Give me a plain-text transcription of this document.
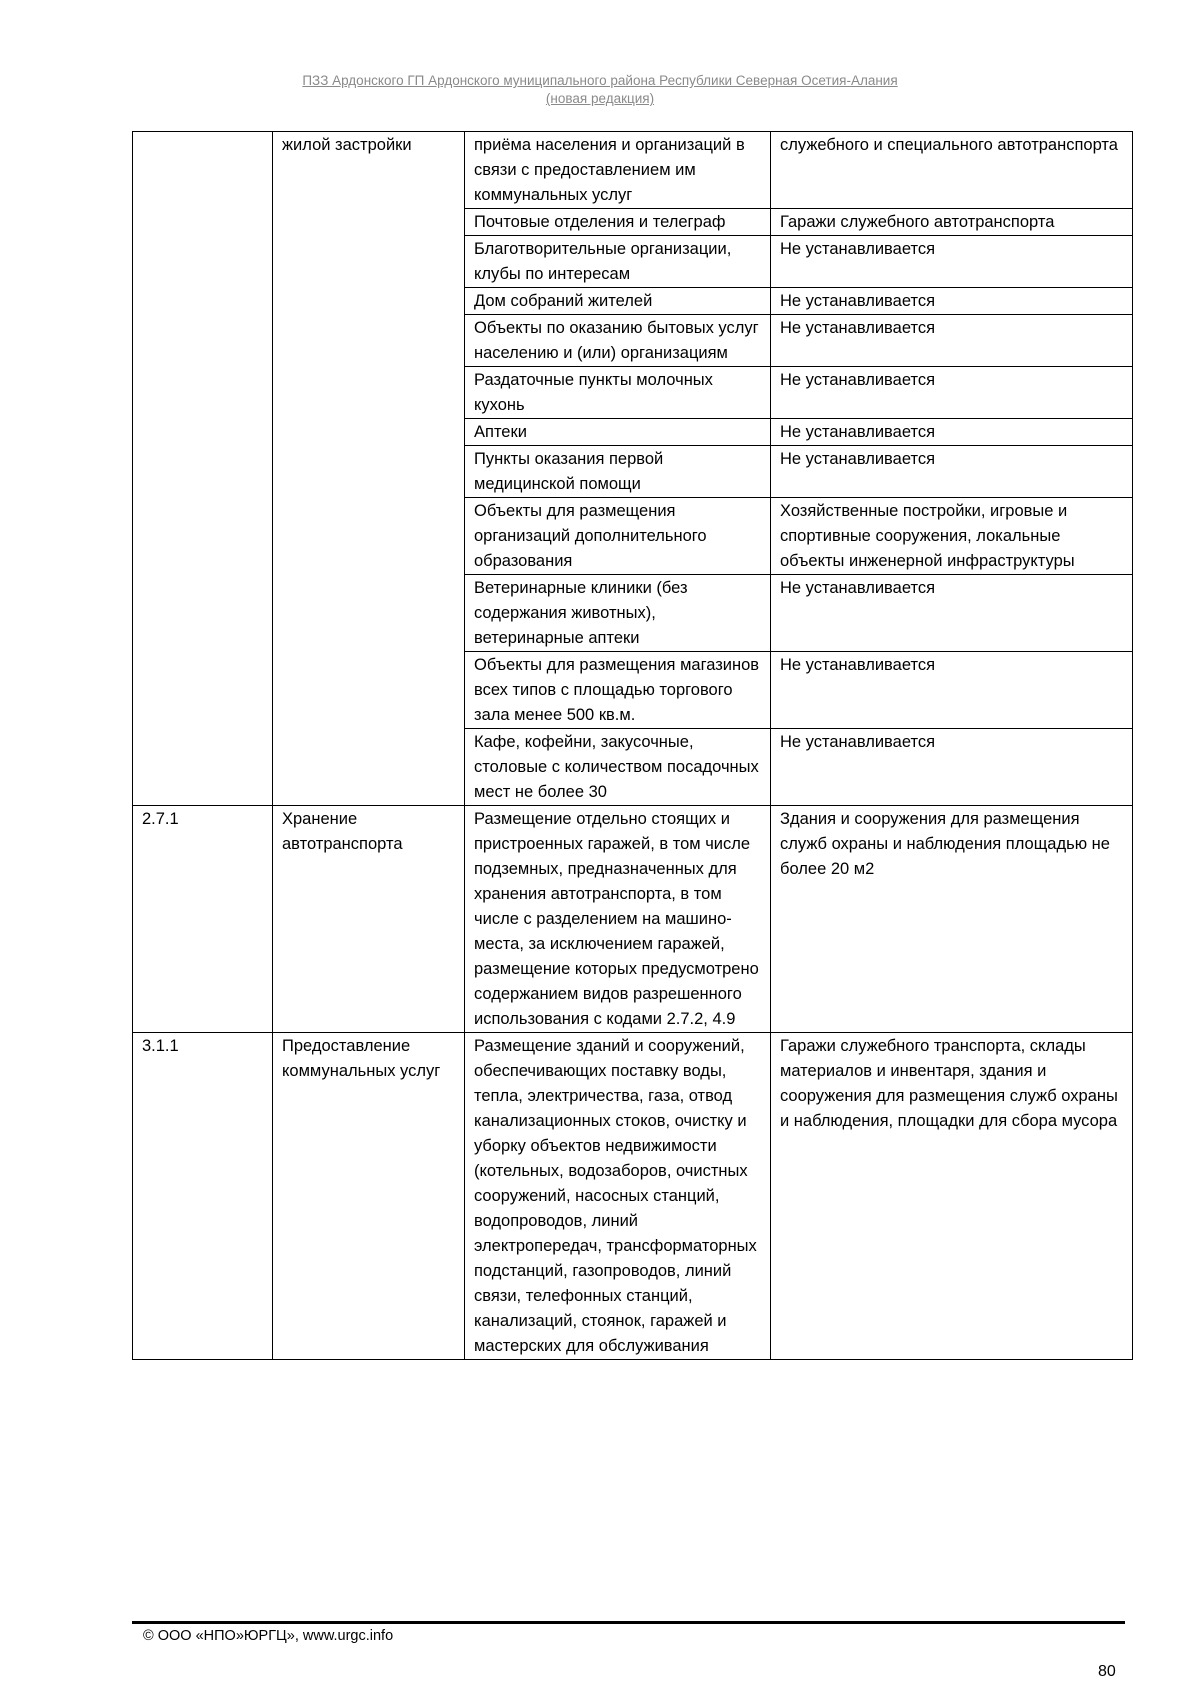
ПЗЗ Ардонского ГП Ардонского муниципального района Республики Северная Осетия-Алания
(новая редакция)
	жилой застройки	приёма населения и организаций в связи с предоставлением им коммунальных услуг	служебного и специального автотранспорта
		Почтовые отделения и телеграф	Гаражи служебного автотранспорта
		Благотворительные организации, клубы по интересам	Не устанавливается
		Дом собраний жителей	Не устанавливается
		Объекты по оказанию бытовых услуг населению и (или) организациям	Не устанавливается
		Раздаточные пункты молочных кухонь	Не устанавливается
		Аптеки	Не устанавливается
		Пункты оказания первой медицинской помощи	Не устанавливается
		Объекты для размещения организаций дополнительного образования	Хозяйственные постройки, игровые и спортивные сооружения, локальные объекты инженерной инфраструктуры
		Ветеринарные клиники (без содержания животных), ветеринарные аптеки	Не устанавливается
		Объекты для размещения магазинов всех типов с площадью торгового зала менее 500 кв.м.	Не устанавливается
		Кафе, кофейни, закусочные, столовые с количеством посадочных мест не более 30	Не устанавливается
2.7.1	Хранение автотранспорта	Размещение отдельно стоящих и пристроенных гаражей, в том числе подземных, предназначенных для хранения автотранспорта, в том числе с разделением на машино-места, за исключением гаражей, размещение которых предусмотрено содержанием видов разрешенного использования с кодами 2.7.2, 4.9	Здания и сооружения для размещения служб охраны и наблюдения площадью не более 20 м2
3.1.1	Предоставление коммунальных услуг	Размещение зданий и сооружений, обеспечивающих поставку воды, тепла, электричества, газа, отвод канализационных стоков, очистку и уборку объектов недвижимости (котельных, водозаборов, очистных сооружений, насосных станций, водопроводов, линий электропередач, трансформаторных подстанций, газопроводов, линий связи, телефонных станций, канализаций, стоянок, гаражей и мастерских для обслуживания	Гаражи служебного транспорта, склады материалов и инвентаря, здания и сооружения для размещения служб охраны и наблюдения, площадки для сбора мусора
© ООО «НПО»ЮРГЦ», www.urgc.info
80
